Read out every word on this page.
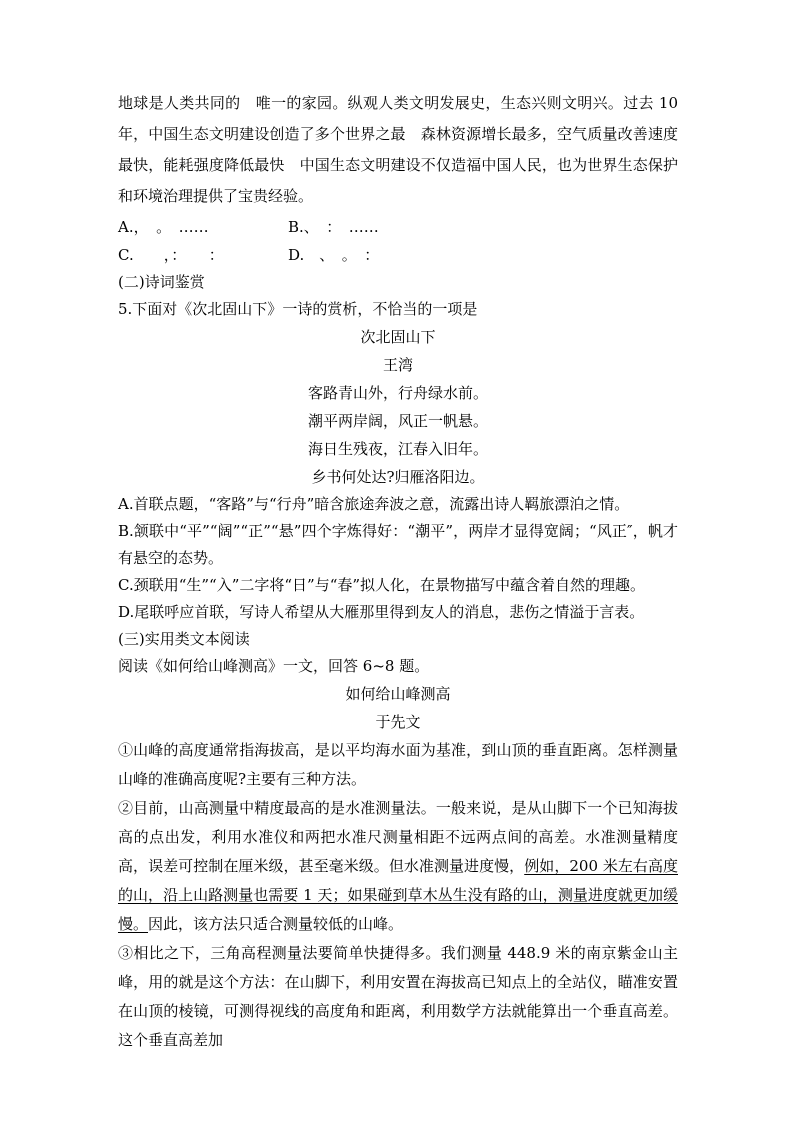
地球是人类共同的　唯一的家园。纵观人类文明发展史，生态兴则文明兴。过去 10 年，中国生态文明建设创造了多个世界之最　森林资源增长最多，空气质量改善速度最快，能耗强度降低最快　中国生态文明建设不仅造福中国人民，也为世界生态保护和环境治理提供了宝贵经验。

A.，　。　……	B.、　：　……
C.　　，：　　：	D.　、　。　：

(二)诗词鉴赏

5.下面对《次北固山下》一诗的赏析，不恰当的一项是

次北固山下

王湾

客路青山外，行舟绿水前。

潮平两岸阔，风正一帆悬。

海日生残夜，江春入旧年。

乡书何处达?归雁洛阳边。

A.首联点题，“客路”与“行舟”暗含旅途奔波之意，流露出诗人羁旅漂泊之情。

B.颔联中“平”“阔”“正”“悬”四个字炼得好：“潮平”，两岸才显得宽阔；“风正″，帆才有悬空的态势。

C.颈联用“生”“入”二字将“日”与“春”拟人化，在景物描写中蕴含着自然的理趣。

D.尾联呼应首联，写诗人希望从大雁那里得到友人的消息，悲伤之情溢于言表。

(三)实用类文本阅读

阅读《如何给山峰测高》一文，回答 6~8 题。

如何给山峰测高

于先文

①山峰的高度通常指海拔高，是以平均海水面为基准，到山顶的垂直距离。怎样测量山峰的准确高度呢?主要有三种方法。

②目前，山高测量中精度最高的是水准测量法。一般来说，是从山脚下一个已知海拔高的点出发，利用水准仪和两把水准尺测量相距不远两点间的高差。水准测量精度高，误差可控制在厘米级，甚至毫米级。但水准测量进度慢，例如，200 米左右高度的山，沿上山路测量也需要 1 天；如果碰到草木丛生没有路的山，测量进度就更加缓慢。因此，该方法只适合测量较低的山峰。

③相比之下，三角高程测量法要简单快捷得多。我们测量 448.9 米的南京紫金山主峰，用的就是这个方法：在山脚下，利用安置在海拔高已知点上的全站仪，瞄准安置在山顶的棱镜，可测得视线的高度角和距离，利用数学方法就能算出一个垂直高差。这个垂直高差加
